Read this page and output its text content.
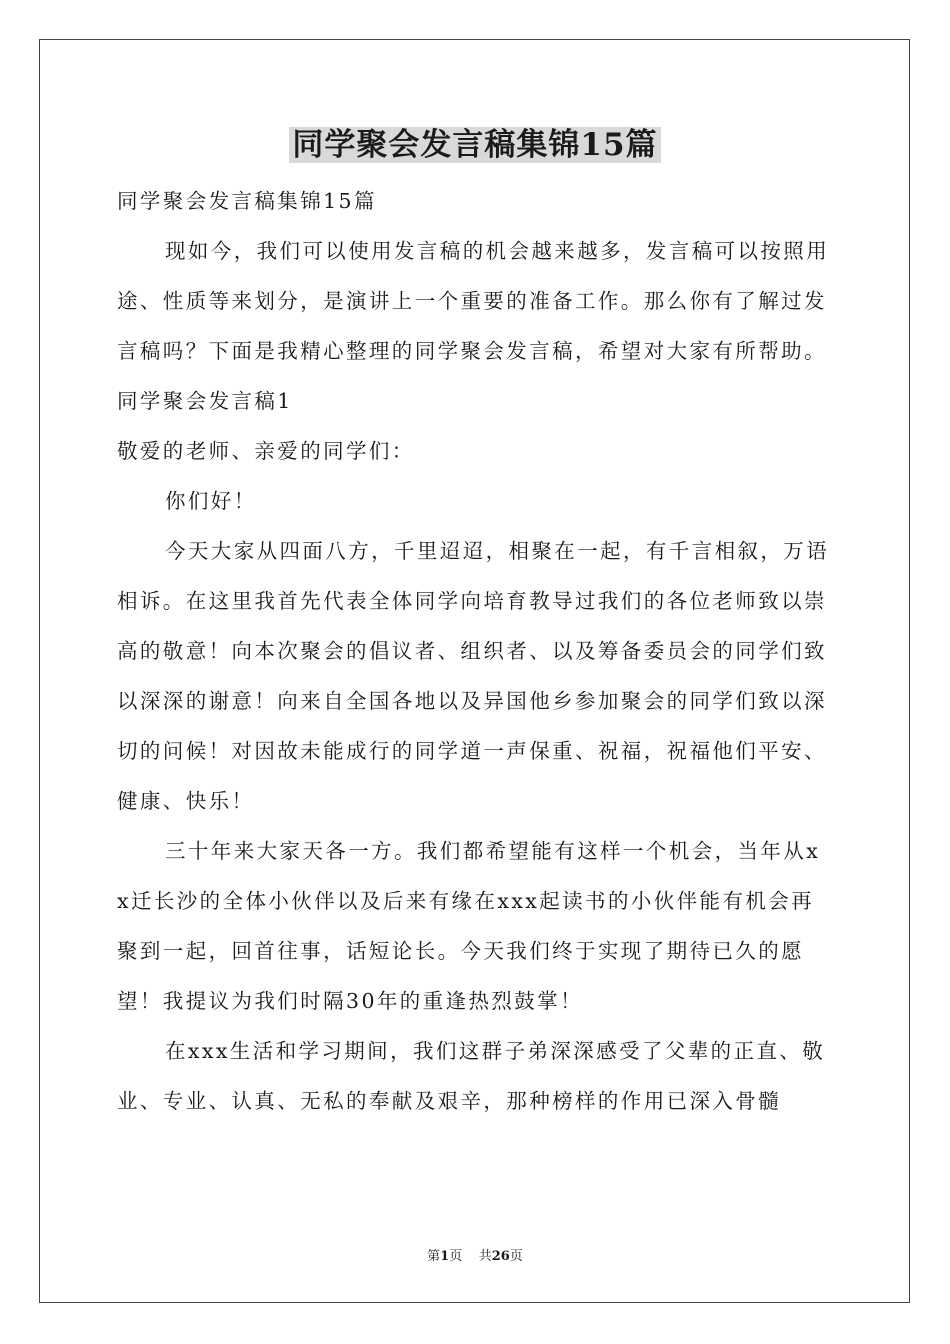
同学聚会发言稿集锦15篇

同学聚会发言稿集锦15篇

现如今，我们可以使用发言稿的机会越来越多，发言稿可以按照用途、性质等来划分，是演讲上一个重要的准备工作。那么你有了解过发言稿吗？下面是我精心整理的同学聚会发言稿，希望对大家有所帮助。

同学聚会发言稿1

敬爱的老师、亲爱的同学们：

你们好！

今天大家从四面八方，千里迢迢，相聚在一起，有千言相叙，万语相诉。在这里我首先代表全体同学向培育教导过我们的各位老师致以崇高的敬意！向本次聚会的倡议者、组织者、以及筹备委员会的同学们致以深深的谢意！向来自全国各地以及异国他乡参加聚会的同学们致以深切的问候！对因故未能成行的同学道一声保重、祝福，祝福他们平安、健康、快乐！

三十年来大家天各一方。我们都希望能有这样一个机会，当年从xx迁长沙的全体小伙伴以及后来有缘在xxx起读书的小伙伴能有机会再聚到一起，回首往事，话短论长。今天我们终于实现了期待已久的愿望！我提议为我们时隔30年的重逢热烈鼓掌！

在xxx生活和学习期间，我们这群子弟深深感受了父辈的正直、敬业、专业、认真、无私的奉献及艰辛，那种榜样的作用已深入骨髓

第1页 共26页
